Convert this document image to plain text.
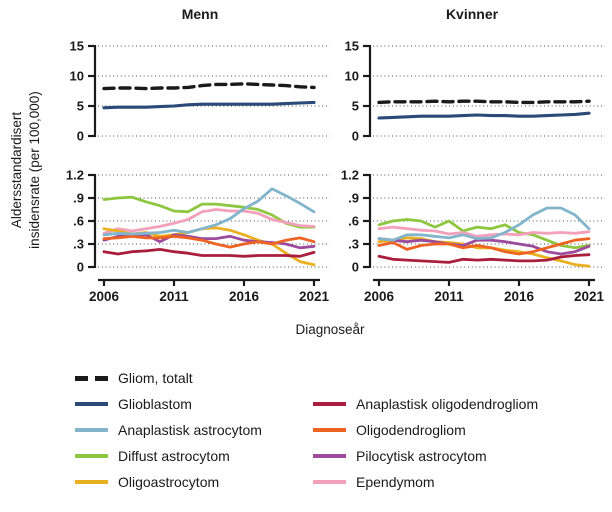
Menn	Kvinner
0
5
10
15
0
5
10
15
0
.3
.6
.9
1.2
2006	2011	2016	2021
0
.3
.6
.9
1.2
2006	2011	2016	2021
Aldersstandardisert insidensrate (per 100,000)
Diagnoseår
Gliom, totalt
Glioblastom
Anaplastisk astrocytom
Diffust astrocytom
Oligoastrocytom
Anaplastisk oligodendrogliom
Oligodendrogliom
Pilocytisk astrocytom
Ependymom
